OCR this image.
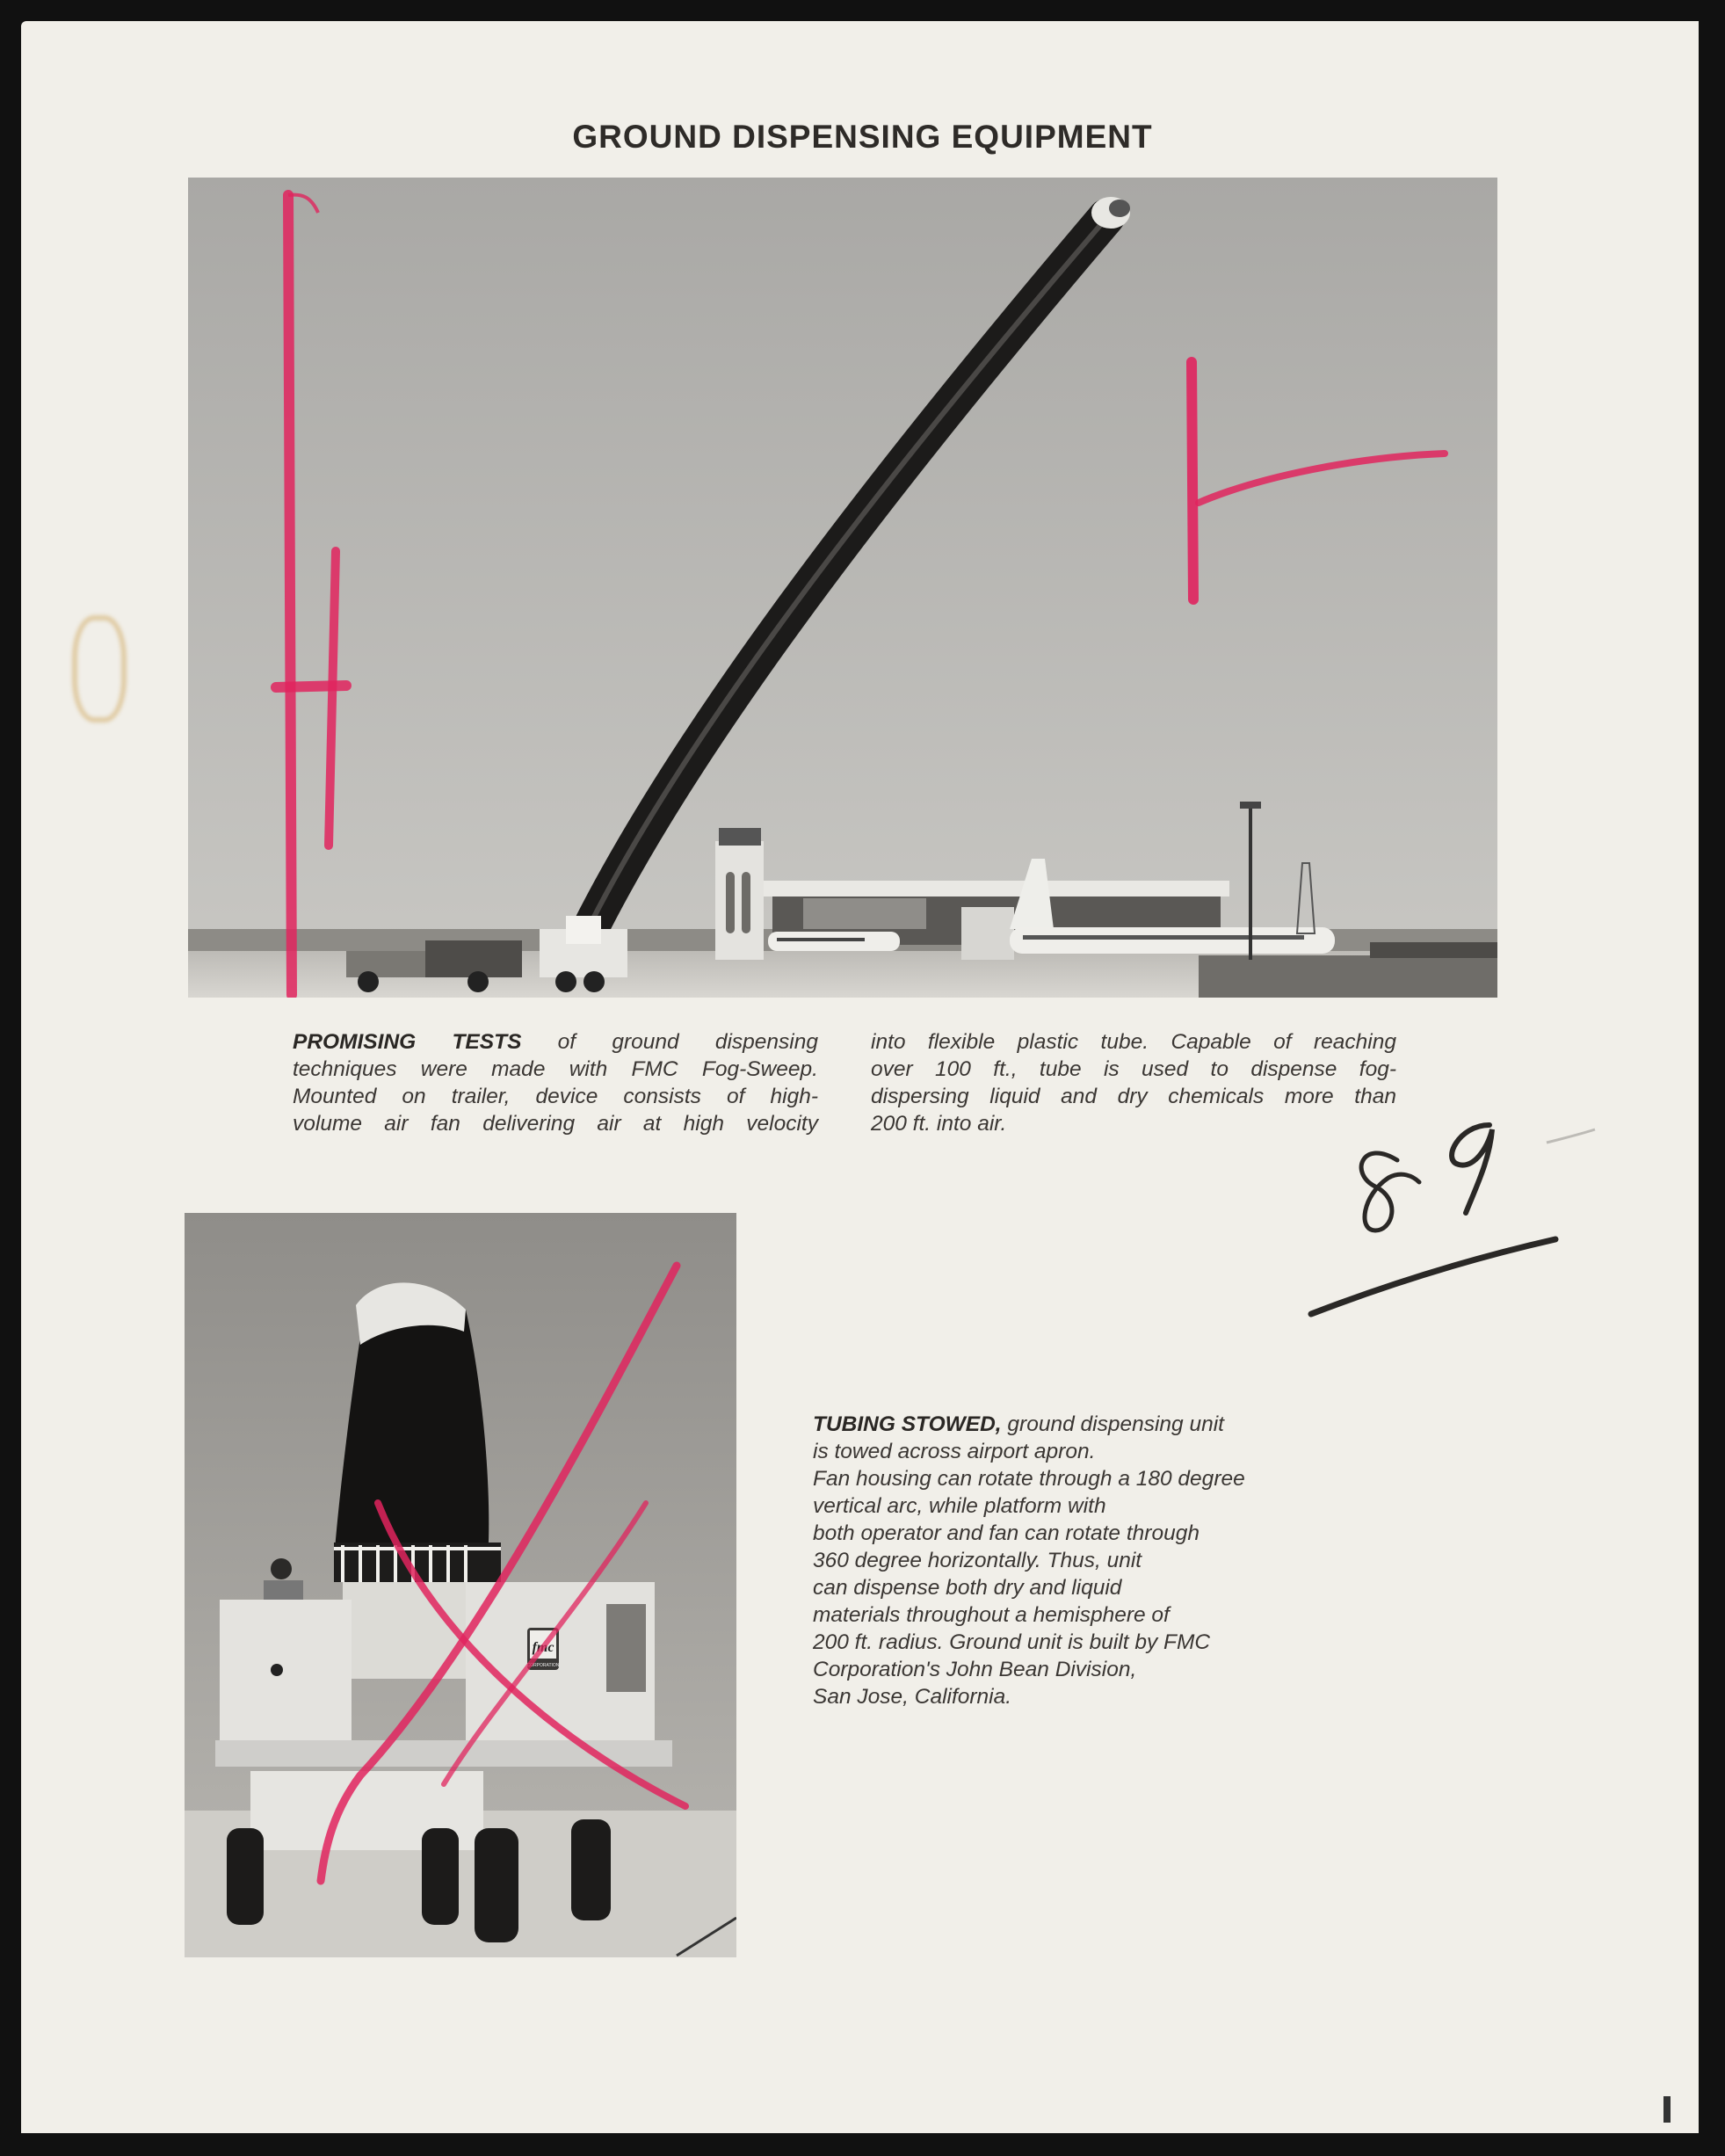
GROUND DISPENSING EQUIPMENT
PROMISING TESTS of ground dispensing
techniques were made with FMC Fog-Sweep.
Mounted on trailer, device consists of high-
volume air fan delivering air at high velocity
into flexible plastic tube. Capable of reaching
over 100 ft., tube is used to dispense fog-
dispersing liquid and dry chemicals more than
200 ft. into air.
fmc
CORPORATION
TUBING STOWED, ground dispensing unit
is towed across airport apron.
Fan housing can rotate through a 180 degree
vertical arc, while platform with
both operator and fan can rotate through
360 degree horizontally. Thus, unit
can dispense both dry and liquid
materials throughout a hemisphere of
200 ft. radius. Ground unit is built by FMC
Corporation's John Bean Division,
San Jose, California.
